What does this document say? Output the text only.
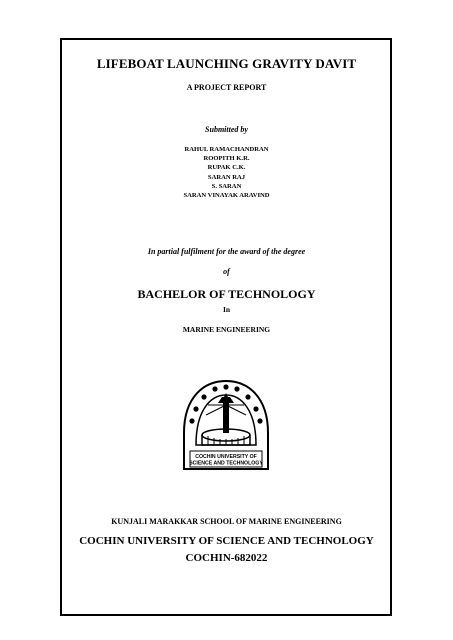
LIFEBOAT LAUNCHING GRAVITY DAVIT
A PROJECT REPORT
Submitted by
RAHUL RAMACHANDRAN
ROOPITH K.R.
RUPAK C.K.
SARAN RAJ
S. SARAN
SARAN VINAYAK ARAVIND
In partial fulfilment for the award of the degree
of
BACHELOR OF TECHNOLOGY
In
MARINE ENGINEERING
COCHIN UNIVERSITY OF
SCIENCE AND TECHNOLOGY
KUNJALI MARAKKAR SCHOOL OF MARINE ENGINEERING
COCHIN UNIVERSITY OF SCIENCE AND TECHNOLOGY
COCHIN-682022
